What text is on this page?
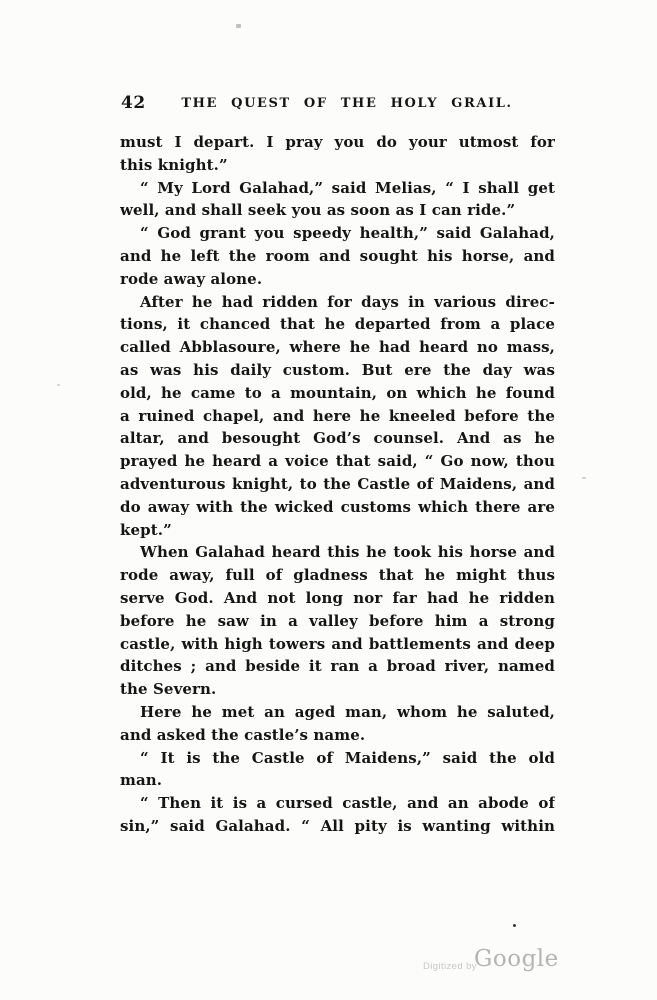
42	THE QUEST OF THE HOLY GRAIL.
must I depart. I pray you do your utmost for
this knight.”
“ My Lord Galahad,” said Melias, “ I shall get
well, and shall seek you as soon as I can ride.”
“ God grant you speedy health,” said Galahad,
and he left the room and sought his horse, and
rode away alone.
After he had ridden for days in various direc-
tions, it chanced that he departed from a place
called Abblasoure, where he had heard no mass,
as was his daily custom. But ere the day was
old, he came to a mountain, on which he found
a ruined chapel, and here he kneeled before the
altar, and besought God’s counsel. And as he
prayed he heard a voice that said, “ Go now, thou
adventurous knight, to the Castle of Maidens, and
do away with the wicked customs which there are
kept.”
When Galahad heard this he took his horse and
rode away, full of gladness that he might thus
serve God. And not long nor far had he ridden
before he saw in a valley before him a strong
castle, with high towers and battlements and deep
ditches ; and beside it ran a broad river, named
the Severn.
Here he met an aged man, whom he saluted,
and asked the castle’s name.
“ It is the Castle of Maidens,” said the old
man.
“ Then it is a cursed castle, and an abode of
sin,” said Galahad. “ All pity is wanting within
Digitized by
Google
